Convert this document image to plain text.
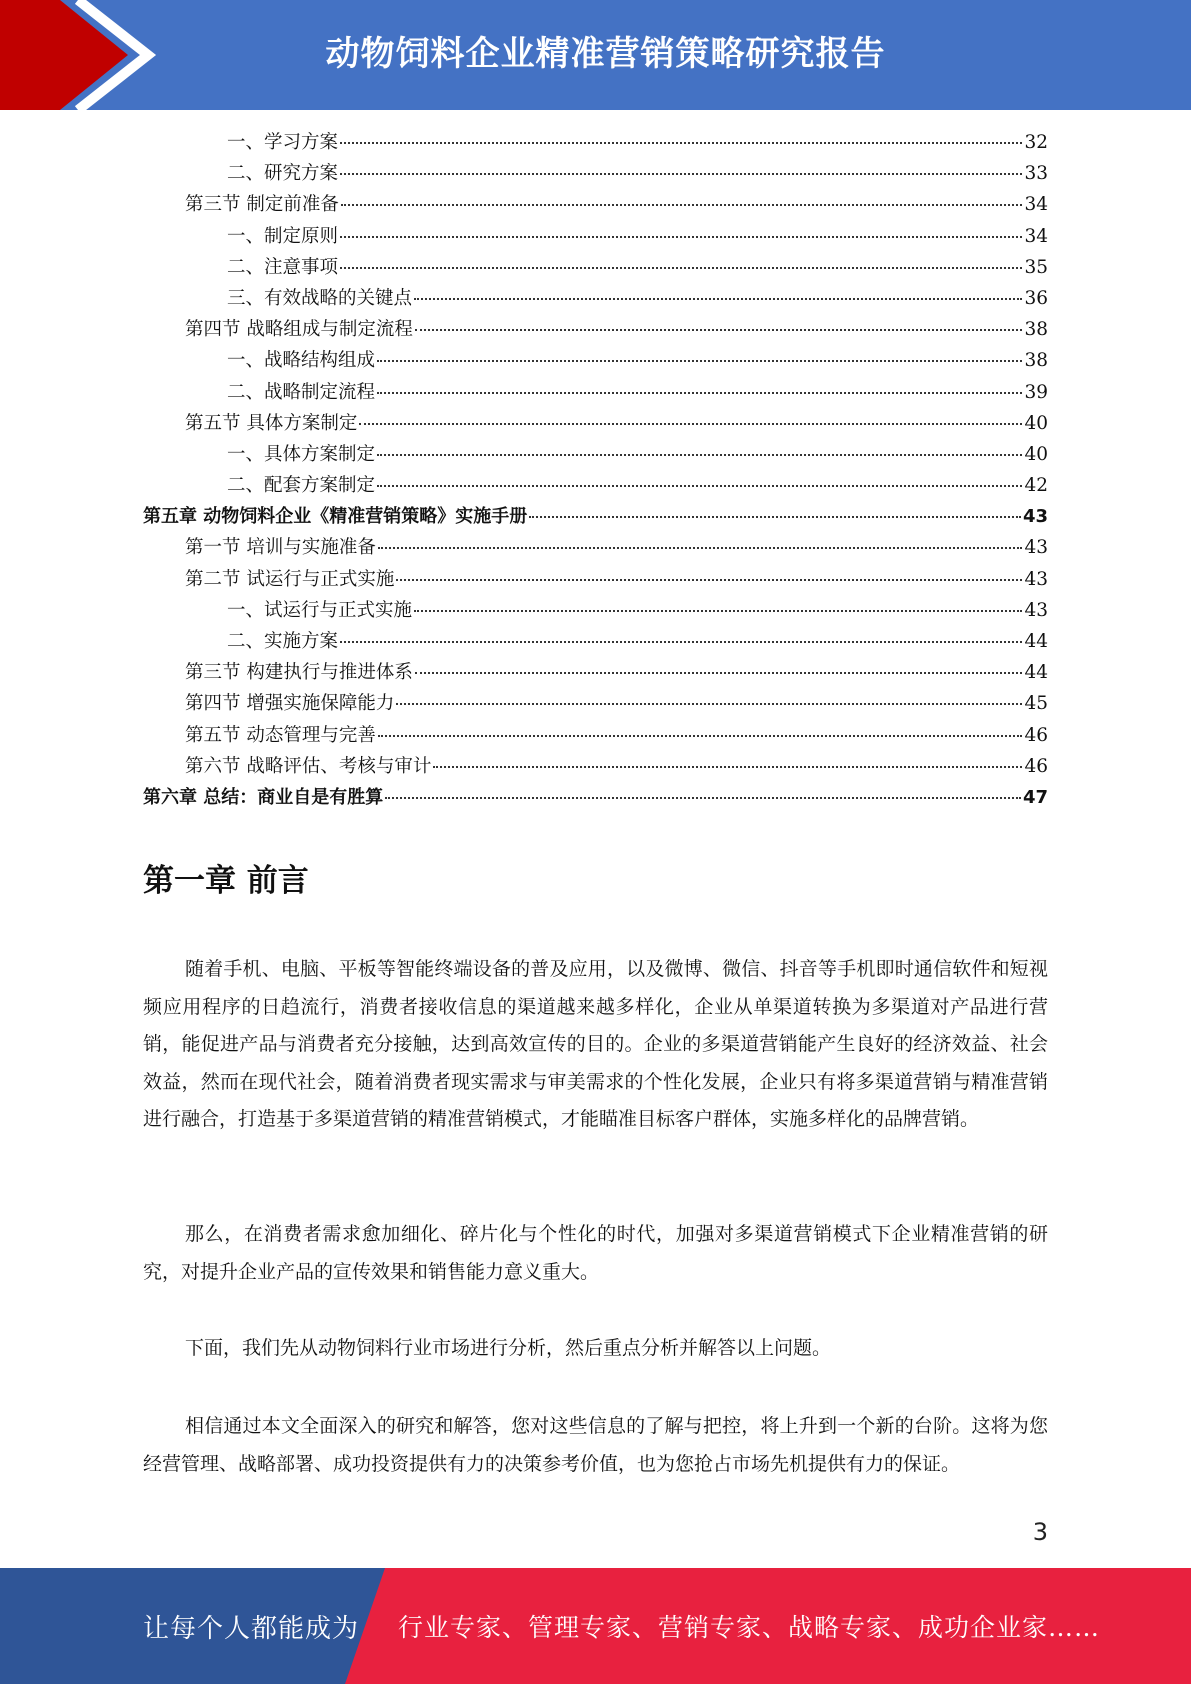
动物饲料企业精准营销策略研究报告
一、学习方案	32
二、研究方案	33
第三节 制定前准备	34
一、制定原则	34
二、注意事项	35
三、有效战略的关键点	36
第四节 战略组成与制定流程	38
一、战略结构组成	38
二、战略制定流程	39
第五节 具体方案制定	40
一、具体方案制定	40
二、配套方案制定	42
第五章 动物饲料企业《精准营销策略》实施手册	43
第一节 培训与实施准备	43
第二节 试运行与正式实施	43
一、试运行与正式实施	43
二、实施方案	44
第三节 构建执行与推进体系	44
第四节 增强实施保障能力	45
第五节 动态管理与完善	46
第六节 战略评估、考核与审计	46
第六章 总结：商业自是有胜算	47
第一章 前言

随着手机、电脑、平板等智能终端设备的普及应用，以及微博、微信、抖音等手机即时通信软件和短视频应用程序的日趋流行，消费者接收信息的渠道越来越多样化，企业从单渠道转换为多渠道对产品进行营销，能促进产品与消费者充分接触，达到高效宣传的目的。企业的多渠道营销能产生良好的经济效益、社会效益，然而在现代社会，随着消费者现实需求与审美需求的个性化发展，企业只有将多渠道营销与精准营销进行融合，打造基于多渠道营销的精准营销模式，才能瞄准目标客户群体，实施多样化的品牌营销。

那么，在消费者需求愈加细化、碎片化与个性化的时代，加强对多渠道营销模式下企业精准营销的研究，对提升企业产品的宣传效果和销售能力意义重大。

下面，我们先从动物饲料行业市场进行分析，然后重点分析并解答以上问题。

相信通过本文全面深入的研究和解答，您对这些信息的了解与把控，将上升到一个新的台阶。这将为您经营管理、战略部署、成功投资提供有力的决策参考价值，也为您抢占市场先机提供有力的保证。

3
让每个人都能成为 行业专家、管理专家、营销专家、战略专家、成功企业家……
